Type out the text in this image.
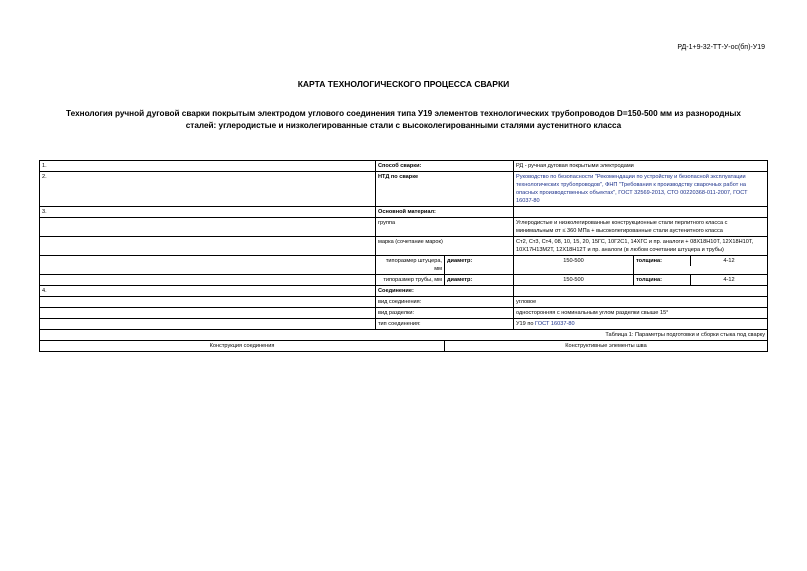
РД-1+9-32-ТТ-У-ос(бп)-У19
КАРТА ТЕХНОЛОГИЧЕСКОГО ПРОЦЕССА СВАРКИ
Технология ручной дуговой сварки покрытым электродом углового соединения типа У19 элементов технологических трубопроводов D=150-500 мм из разнородных сталей: углеродистые и низколегированные стали с высоколегированными сталями аустенитного класса
1.	Способ сварки:		РД - ручная дуговая покрытыми электродами	
2.	НТД по сварке		Руководство по безопасности "Рекомендации по устройству и безопасной эксплуатации технологических трубопроводов", ФНП "Требования к производству сварочных работ на опасных производственных объектах", ГОСТ 32569-2013, СТО 00220368-011-2007, ГОСТ 16037-80	
3.	Основной материал:			
	группа		Углеродистые и низколегированные конструкционные стали перлитного класса с минимальным σт ≤ 360 МПа + высоколегированные стали аустенитного класса	
	марка (сочетание марок)		Ст2, Ст3, Ст4, 08, 10, 15, 20, 15ГС, 10Г2С1, 14ХГС и пр. аналоги + 08Х18Н10Т, 12Х18Н10Т, 10Х17Н13М2Т, 12Х18Н12Т и пр. аналоги (в любом сочетании штуцера и трубы)	
	типоразмер штуцера, мм	диаметр:	150-500	толщина: 4-12

	типоразмер трубы, мм	диаметр:	150-500	толщина: 4-12

4.	Соединение:			
	вид соединения:		угловое	
	вид разделки:		односторонняя с номинальным углом разделки свыше 15°	
	тип соединения:		У19 по ГОСТ 16037-80	
Таблица 1: Параметры подготовки и сборки стыка под сварку				
Конструкция соединения		Конструктивные элементы шва		
